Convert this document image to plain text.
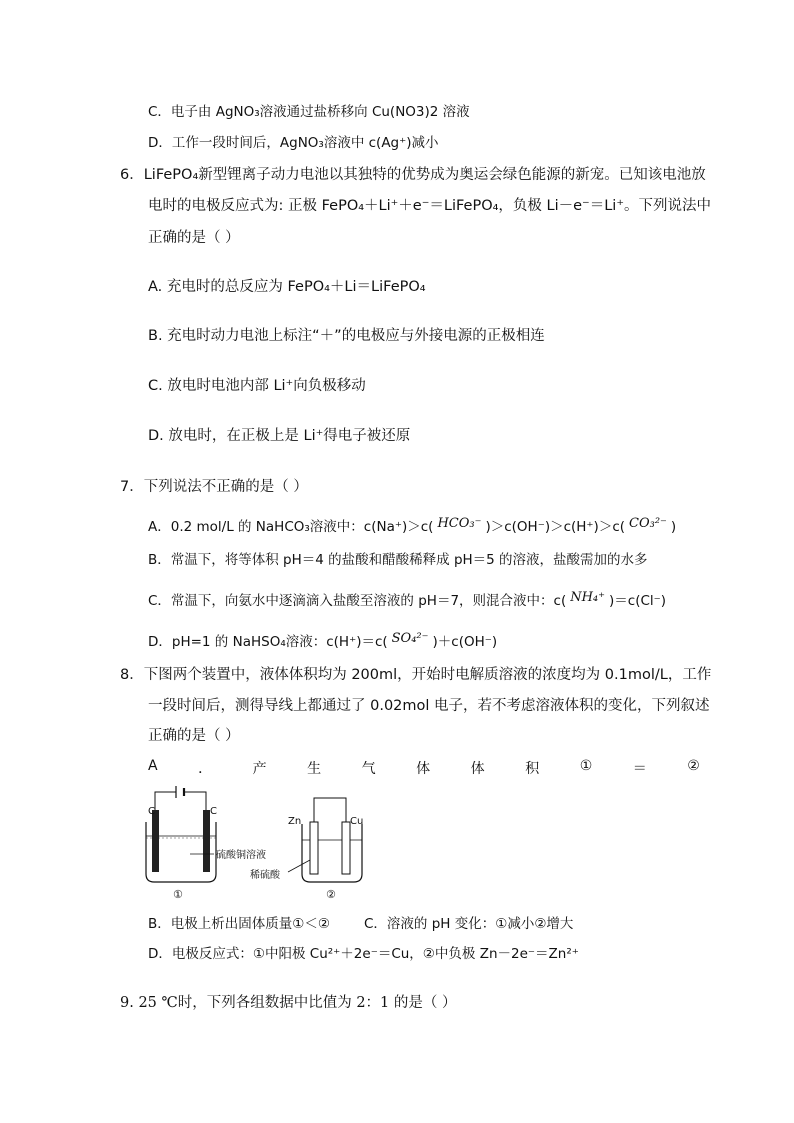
C．电子由 AgNO₃溶液通过盐桥移向 Cu(NO3)2 溶液
D．工作一段时间后，AgNO₃溶液中 c(Ag⁺)减小
6．LiFePO₄新型锂离子动力电池以其独特的优势成为奥运会绿色能源的新宠。已知该电池放
电时的电极反应式为: 正极 FePO₄＋Li⁺＋e⁻＝LiFePO₄，负极 Li－e⁻＝Li⁺。下列说法中
正确的是（ ）
A. 充电时的总反应为 FePO₄＋Li＝LiFePO₄
B. 充电时动力电池上标注“＋”的电极应与外接电源的正极相连
C. 放电时电池内部 Li⁺向负极移动
D. 放电时，在正极上是 Li⁺得电子被还原
7．下列说法不正确的是（ ）
A．0.2 mol/L 的 NaHCO₃溶液中：c(Na⁺)＞c( HCO₃⁻ )＞c(OH⁻)＞c(H⁺)＞c( CO₃²⁻ )
B．常温下，将等体积 pH＝4 的盐酸和醋酸稀释成 pH＝5 的溶液，盐酸需加的水多
C．常温下，向氨水中逐滴滴入盐酸至溶液的 pH＝7，则混合液中：c( NH₄⁺ )＝c(Cl⁻)
D．pH=1 的 NaHSO₄溶液：c(H⁺)＝c( SO₄²⁻ )＋c(OH⁻)
8．下图两个装置中，液体体积均为 200ml，开始时电解质溶液的浓度均为 0.1mol/L，工作
一段时间后，测得导线上都通过了 0.02mol 电子，若不考虑溶液体积的变化，下列叙述
正确的是（ ）
A	．	产	生	气	体	体	积	①	＝	②
C	C
硫酸铜溶液
①
Zn	Cu
稀硫酸
②
B．电极上析出固体质量①＜②	C．溶液的 pH 变化：①减小②增大
D．电极反应式：①中阳极 Cu²⁺＋2e⁻＝Cu，②中负极 Zn－2e⁻＝Zn²⁺
9. 25 ℃时，下列各组数据中比值为 2：1 的是（ ）
